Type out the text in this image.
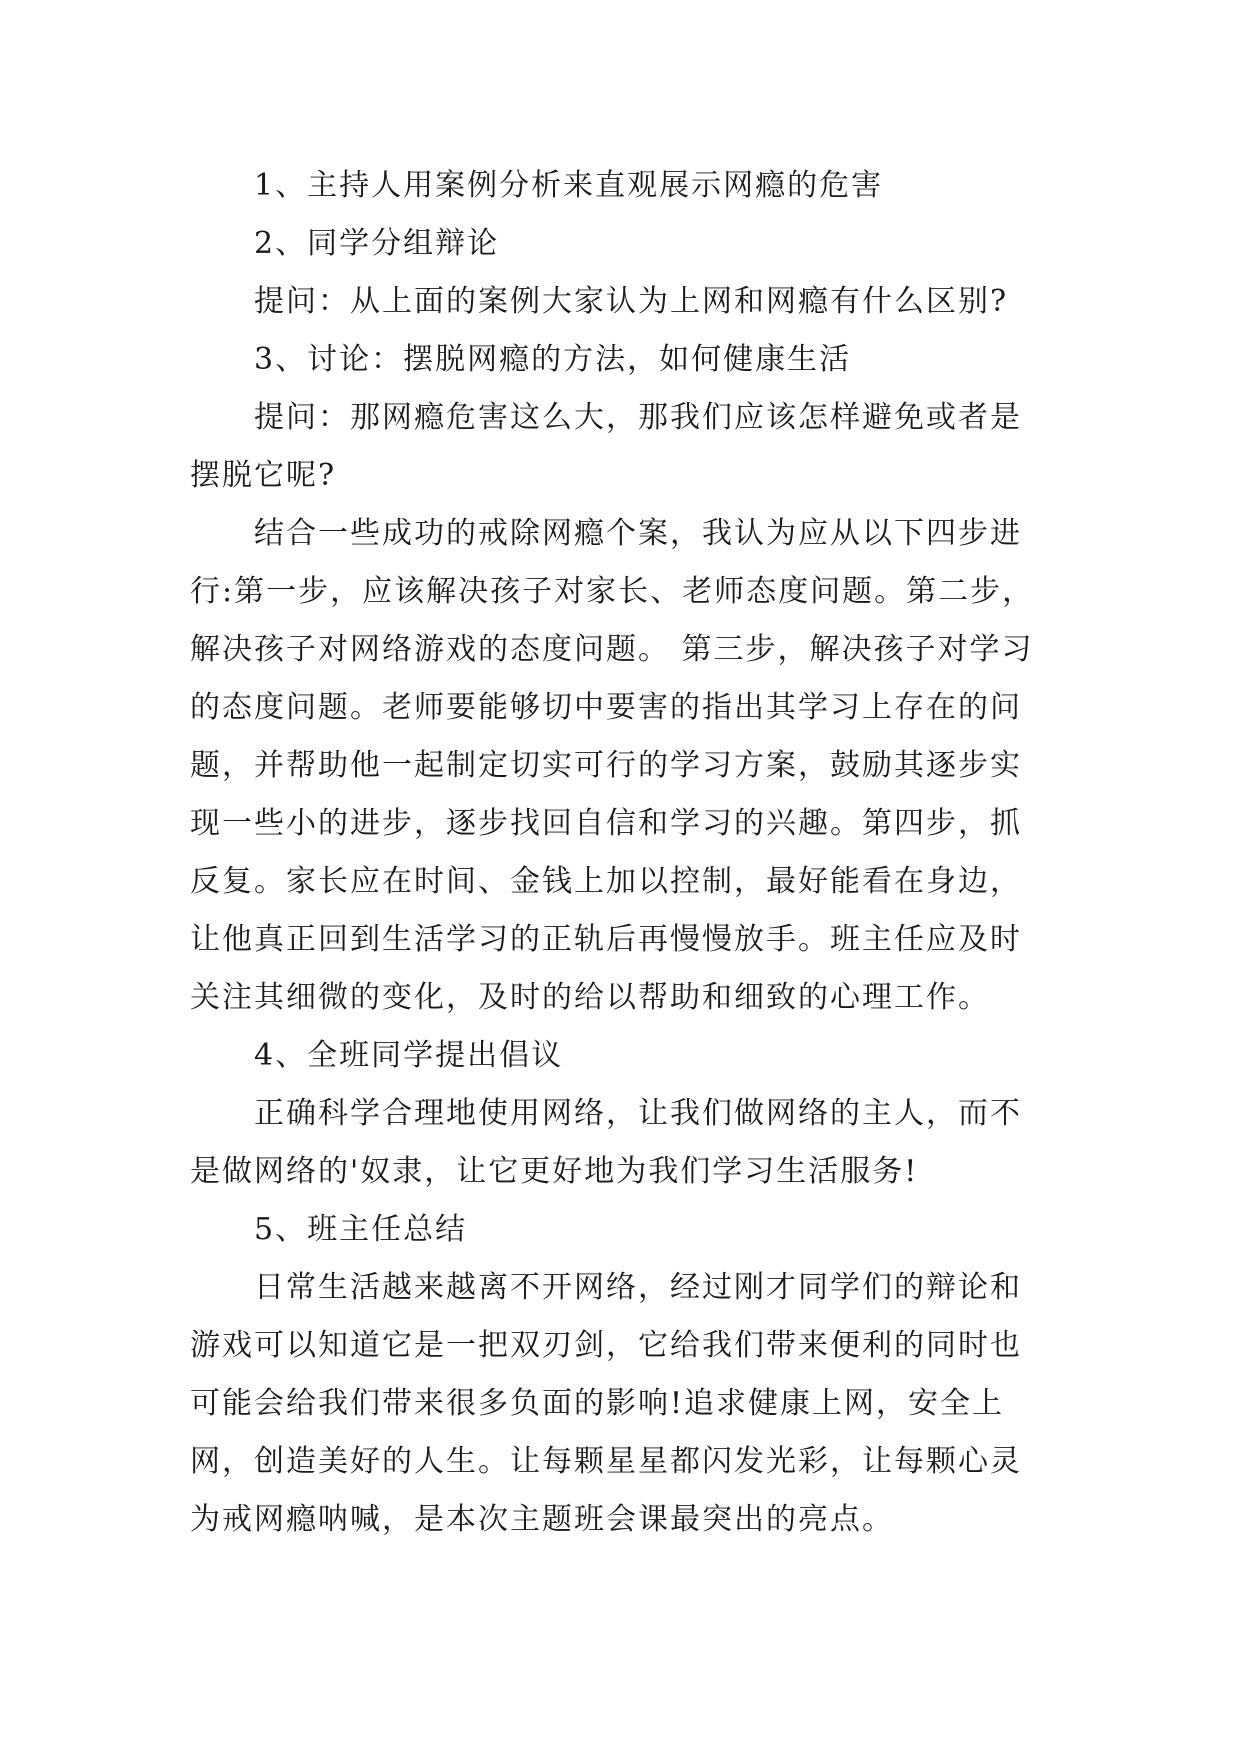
1、主持人用案例分析来直观展示网瘾的危害

2、同学分组辩论

提问：从上面的案例大家认为上网和网瘾有什么区别?

3、讨论：摆脱网瘾的方法，如何健康生活

提问：那网瘾危害这么大，那我们应该怎样避免或者是摆脱它呢?

结合一些成功的戒除网瘾个案，我认为应从以下四步进行:第一步，应该解决孩子对家长、老师态度问题。第二步，解决孩子对网络游戏的态度问题。 第三步，解决孩子对学习的态度问题。老师要能够切中要害的指出其学习上存在的问题，并帮助他一起制定切实可行的学习方案，鼓励其逐步实现一些小的进步，逐步找回自信和学习的兴趣。第四步，抓反复。家长应在时间、金钱上加以控制，最好能看在身边，让他真正回到生活学习的正轨后再慢慢放手。班主任应及时关注其细微的变化，及时的给以帮助和细致的心理工作。

4、全班同学提出倡议

正确科学合理地使用网络，让我们做网络的主人，而不是做网络的'奴隶，让它更好地为我们学习生活服务!

5、班主任总结

日常生活越来越离不开网络，经过刚才同学们的辩论和游戏可以知道它是一把双刃剑，它给我们带来便利的同时也可能会给我们带来很多负面的影响!追求健康上网，安全上网，创造美好的人生。让每颗星星都闪发光彩，让每颗心灵为戒网瘾呐喊，是本次主题班会课最突出的亮点。
